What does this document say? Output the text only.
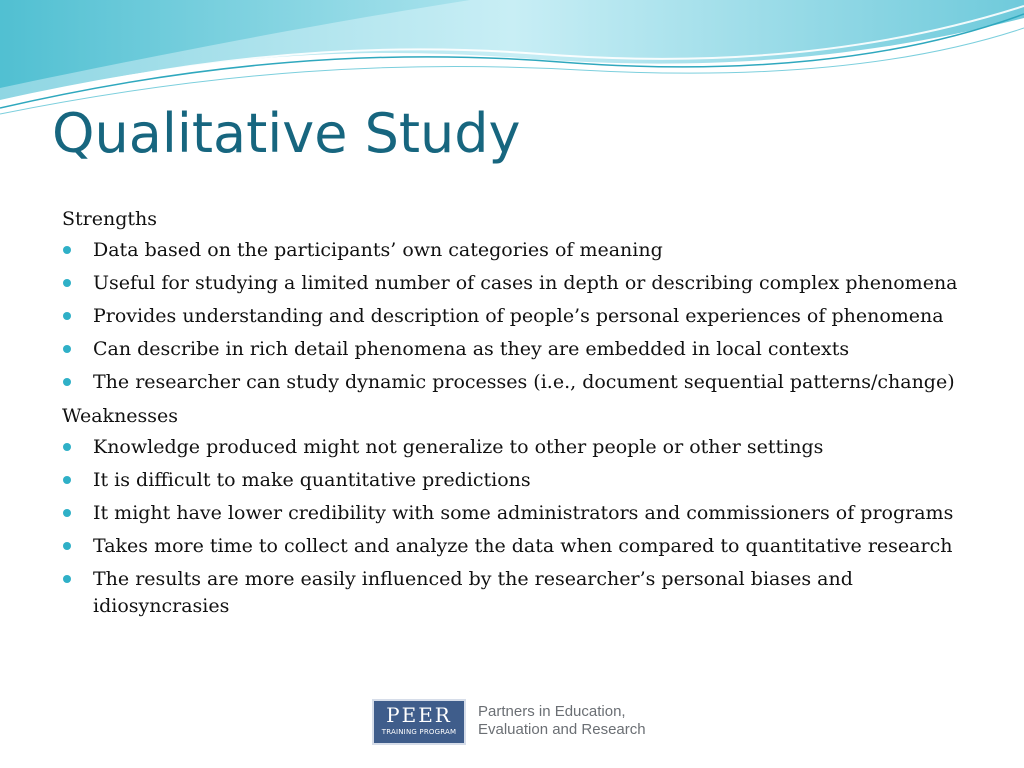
Qualitative Study
Strengths
Data based on the participants’ own categories of meaning
Useful for studying a limited number of cases in depth or describing complex phenomena
Provides understanding and description of people’s personal experiences of phenomena
Can describe in rich detail phenomena as they are embedded in local contexts
The researcher can study dynamic processes (i.e., document sequential patterns/change)
Weaknesses
Knowledge produced might not generalize to other people or other settings
It is difficult to make quantitative predictions
It might have lower credibility with some administrators and commissioners of programs
Takes more time to collect and analyze the data when compared to quantitative research
The results are more easily influenced by the researcher’s personal biases and idiosyncrasies
PEER
TRAINING PROGRAM

Partners in Education,
Evaluation and Research
